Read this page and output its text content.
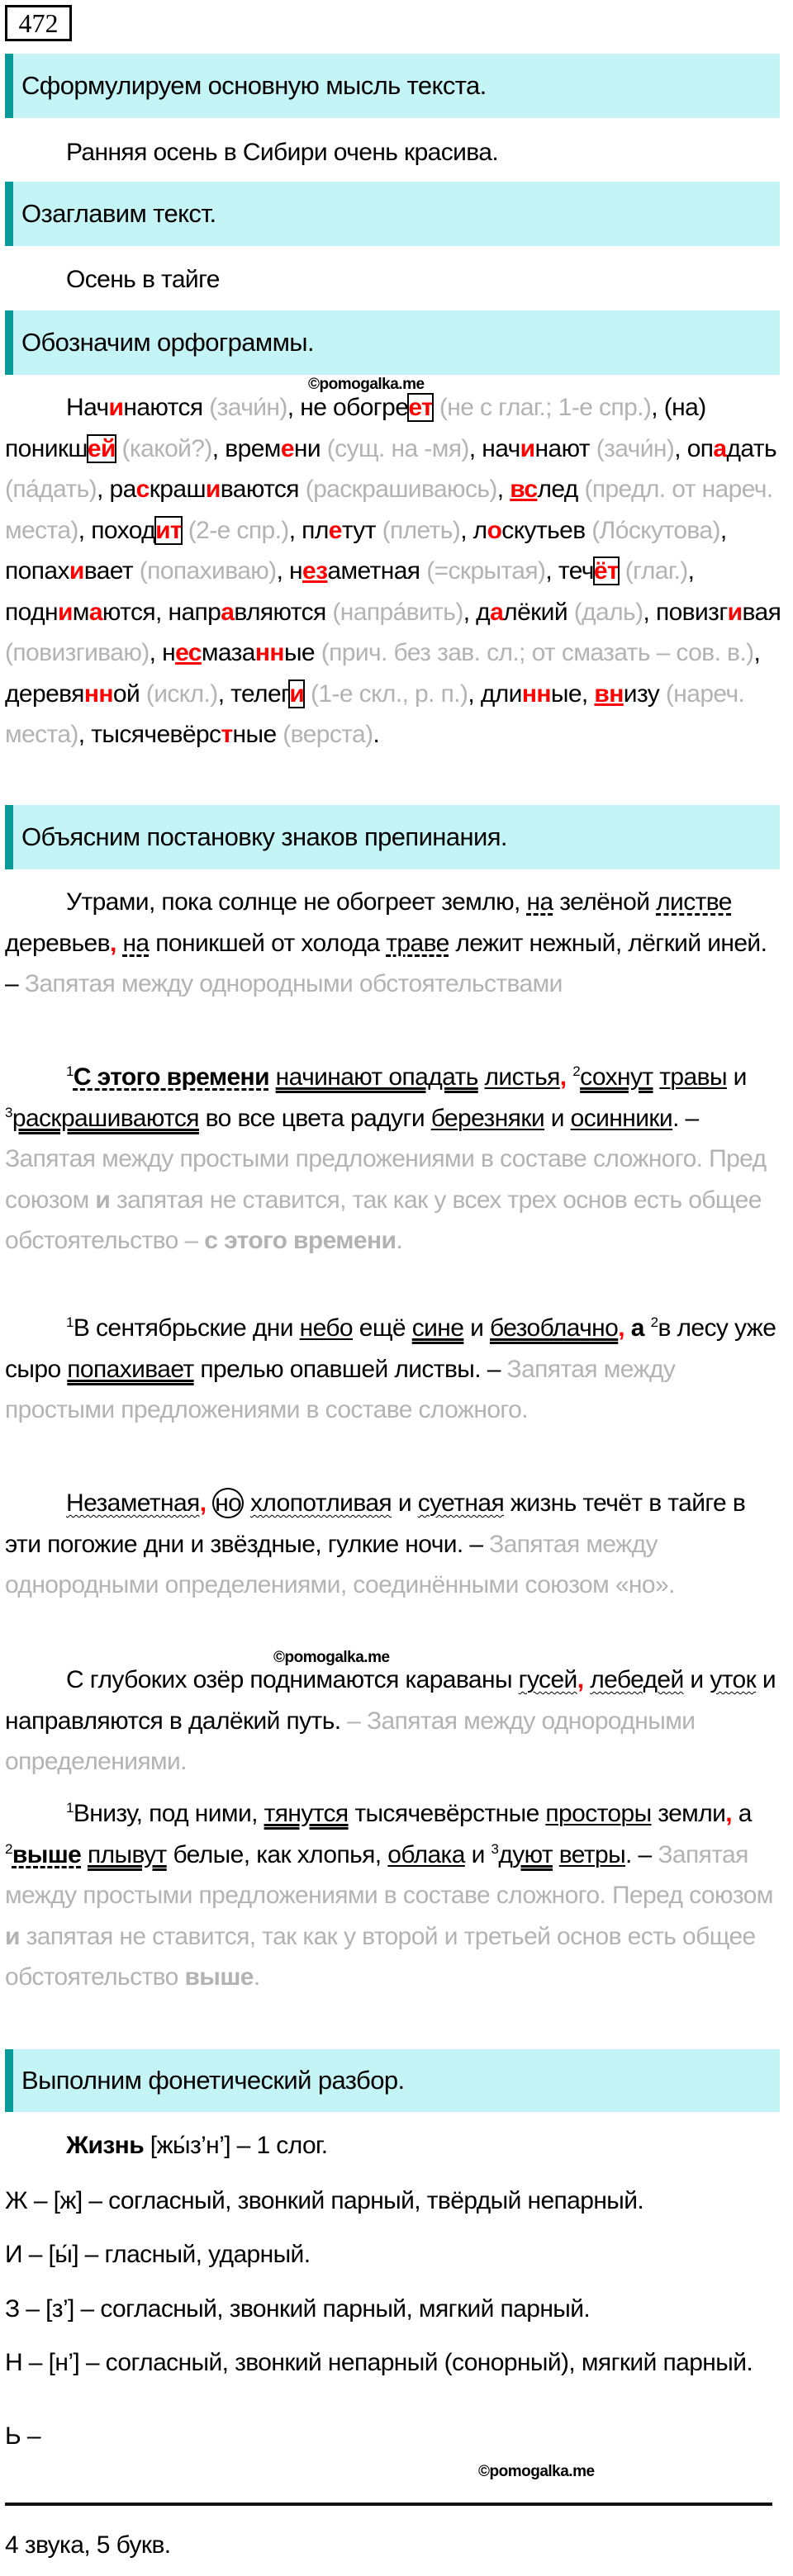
472
Сформулируем основную мысль текста.
Ранняя осень в Сибири очень красива.
Озаглавим текст.
Осень в тайге
Обозначим орфограммы.
©pomogalka.me
Начинаются (зачи́н), не обогреет (не с глаг.; 1-е спр.), (на) поникшей (какой?), времени (сущ. на -мя), начинают (зачи́н), опадать (па́дать), раскрашиваются (раскрашиваюсь), вслед (предл. от нареч. места), походит (2-е спр.), плетут (плеть), лоскутьев (Ло́скутова), попахивает (попахиваю), незаметная (=скрытая), течёт (глаг.), поднимаются, направляются (напра́вить), далёкий (даль), повизгивая (повизгиваю), несмазанные (прич. без зав. сл.; от смазать – сов. в.), деревянной (искл.), телеги (1-е скл., р. п.), длинные, внизу (нареч. места), тысячевёрстные (верста).
Объясним постановку знаков препинания.
Утрами, пока солнце не обогреет землю, на зелёной листве деревьев, на поникшей от холода траве лежит нежный, лёгкий иней. – Запятая между однородными обстоятельствами
$^1$С этого времени начинают опадать листья, $^2$сохнут травы и $^3$раскрашиваются во все цвета радуги березняки и осинники. – Запятая между простыми предложениями в составе сложного. Пред союзом и запятая не ставится, так как у всех трех основ есть общее обстоятельство – с этого времени.
$^1$В сентябрьские дни небо ещё сине и безоблачно, а $^2$в лесу уже сыро попахивает прелью опавшей листвы. – Запятая между простыми предложениями в составе сложного.
Незаметная, но хлопотливая и суетная жизнь течёт в тайге в эти погожие дни и звёздные, гулкие ночи. – Запятая между однородными определениями, соединёнными союзом «но».
©pomogalka.me
С глубоких озёр поднимаются караваны гусей, лебедей и уток и направляются в далёкий путь. – Запятая между однородными определениями.
$^1$Внизу, под ними, тянутся тысячевёрстные просторы земли, а $^2$выше плывут белые, как хлопья, облака и $^3$дуют ветры. – Запятая между простыми предложениями в составе сложного. Перед союзом и запятая не ставится, так как у второй и третьей основ есть общее обстоятельство выше.
Выполним фонетический разбор.
Жизнь [жы́з’н’] – 1 слог.
Ж – [ж] – согласный, звонкий парный, твёрдый непарный.
И – [ы́] – гласный, ударный.
З – [з’] – согласный, звонкий парный, мягкий парный.
Н – [н’] – согласный, звонкий непарный (сонорный), мягкий парный.
Ь –
©pomogalka.me
4 звука, 5 букв.
